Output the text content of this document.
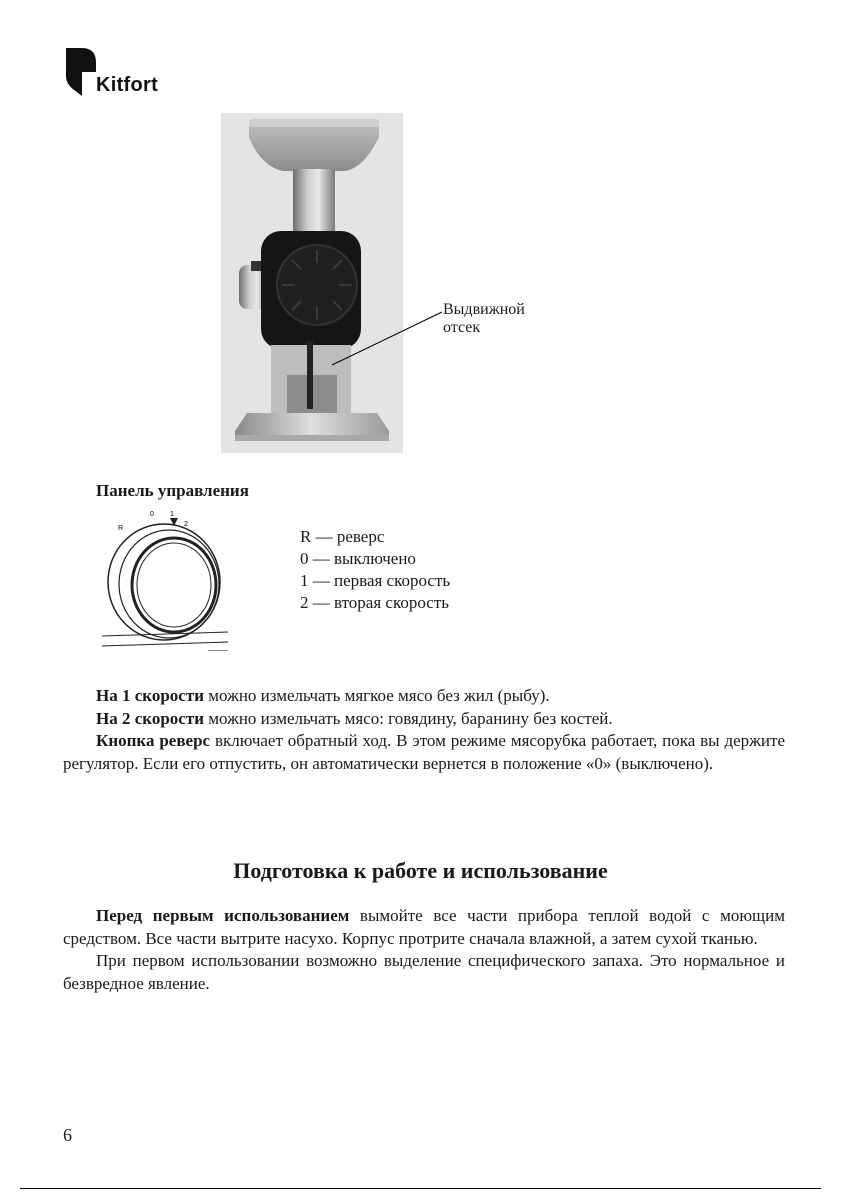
Kitfort
Выдвижной
отсек
Панель управления
R
0 1
2
R — реверс
0 — выключено
1 — первая скорость
2 — вторая скорость

На 1 скорости можно измельчать мягкое мясо без жил (рыбу).

На 2 скорости можно измельчать мясо: говядину, баранину без костей.

Кнопка реверс включает обратный ход. В этом режиме мясорубка работает, пока вы держите регулятор. Если его отпустить, он автоматически вернется в положение «0» (выключено).

Подготовка к работе и использование

Перед первым использованием вымойте все части прибора теплой водой с моющим средством. Все части вытрите насухо. Корпус протрите сначала влажной, а затем сухой тканью.

При первом использовании возможно выделение специфического запаха. Это нормальное и безвредное явление.

6
